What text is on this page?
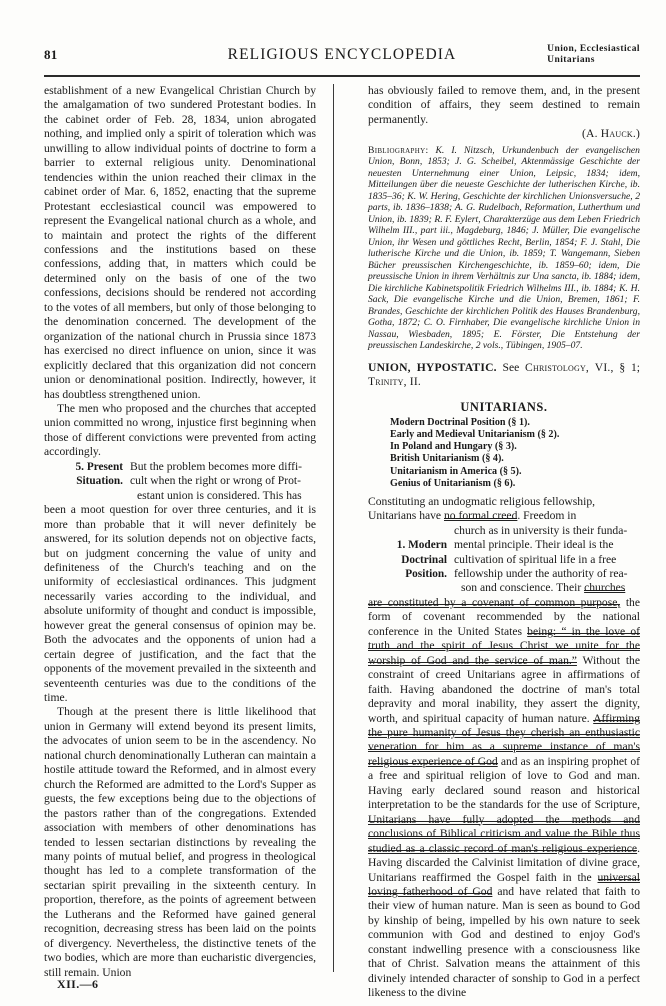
81	RELIGIOUS ENCYCLOPEDIA	Union, Ecclesiastical
Unitarians

establishment of a new Evangelical Christian Church by the amalgamation of two sundered Protestant bodies. In the cabinet order of Feb. 28, 1834, union abrogated nothing, and implied only a spirit of toleration which was unwilling to allow individual points of doctrine to form a barrier to external religious unity. Denominational tendencies within the union reached their climax in the cabinet order of Mar. 6, 1852, enacting that the supreme Protestant ecclesiastical council was empowered to represent the Evangelical national church as a whole, and to maintain and protect the rights of the different confessions and the institutions based on these confessions, adding that, in matters which could be determined only on the basis of one of the two confessions, decisions should be rendered not according to the votes of all members, but only of those belonging to the denomination concerned. The development of the organization of the national church in Prussia since 1873 has exercised no direct influence on union, since it was explicitly declared that this organization did not concern union or denominational position. Indirectly, however, it has doubtless strengthened union.

The men who proposed and the churches that accepted union committed no wrong, injustice first beginning when those of different convictions were prevented from acting accordingly.

5. Present
Situation.

But the problem becomes more diffi-

cult when the right or wrong of Prot-

estant union is considered. This has

been a moot question for over three centuries, and it is more than probable that it will never definitely be answered, for its solution depends not on objective facts, but on judgment concerning the value of unity and definiteness of the Church's teaching and on the uniformity of ecclesiastical ordinances. This judgment necessarily varies according to the individual, and absolute uniformity of thought and conduct is impossible, however great the general consensus of opinion may be. Both the advocates and the opponents of union had a certain degree of justification, and the fact that the opponents of the movement prevailed in the sixteenth and seventeenth centuries was due to the conditions of the time.

Though at the present there is little likelihood that union in Germany will extend beyond its present limits, the advocates of union seem to be in the ascendency. No national church denominationally Lutheran can maintain a hostile attitude toward the Reformed, and in almost every church the Reformed are admitted to the Lord's Supper as guests, the few exceptions being due to the objections of the pastors rather than of the congregations. Extended association with members of other denominations has tended to lessen sectarian distinctions by revealing the many points of mutual belief, and progress in theological thought has led to a complete transformation of the sectarian spirit prevailing in the sixteenth century. In proportion, therefore, as the points of agreement between the Lutherans and the Reformed have gained general recognition, decreasing stress has been laid on the points of divergency. Nevertheless, the distinctive tenets of the two bodies, which are more than eucharistic divergencies, still remain. Union

has obviously failed to remove them, and, in the present condition of affairs, they seem destined to remain permanently.

(A. Hauck.)

Bibliography: K. I. Nitzsch, Urkundenbuch der evangelischen Union, Bonn, 1853; J. G. Scheibel, Aktenmässige Geschichte der neuesten Unternehmung einer Union, Leipsic, 1834; idem, Mitteilungen über die neueste Geschichte der lutherischen Kirche, ib. 1835–36; K. W. Hering, Geschichte der kirchlichen Unionsversuche, 2 parts, ib. 1836–1838; A. G. Rudelbach, Reformation, Lutherthum und Union, ib. 1839; R. F. Eylert, Charakterzüge aus dem Leben Friedrich Wilhelm III., part iii., Magdeburg, 1846; J. Müller, Die evangelische Union, ihr Wesen und göttliches Recht, Berlin, 1854; F. J. Stahl, Die lutherische Kirche und die Union, ib. 1859; T. Wangemann, Sieben Bücher preussischen Kirchengeschichte, ib. 1859–60; idem, Die preussische Union in ihrem Verhältnis zur Una sancta, ib. 1884; idem, Die kirchliche Kabinetspolitik Friedrich Wilhelms III., ib. 1884; K. H. Sack, Die evangelische Kirche und die Union, Bremen, 1861; F. Brandes, Geschichte der kirchlichen Politik des Hauses Brandenburg, Gotha, 1872; C. O. Firnhaber, Die evangelische kirchliche Union in Nassau, Wiesbaden, 1895; E. Förster, Die Entstehung der preussischen Landeskirche, 2 vols., Tübingen, 1905–07.

UNION, HYPOSTATIC. See Christology, VI., § 1; Trinity, II.

UNITARIANS.
Modern Doctrinal Position (§ 1).
Early and Medieval Unitarianism (§ 2).
In Poland and Hungary (§ 3).
British Unitarianism (§ 4).
Unitarianism in America (§ 5).
Genius of Unitarianism (§ 6).

Constituting an undogmatic religious fellowship,

Unitarians have no formal creed. Freedom in

church as in university is their funda-

1. Modern
Doctrinal
Position.

mental principle. Their ideal is the

cultivation of spiritual life in a free

fellowship under the authority of rea-

son and conscience. Their churches

are constituted by a covenant of common purpose, the form of covenant recommended by the national conference in the United States being: “ in the love of truth and the spirit of Jesus Christ we unite for the worship of God and the service of man.” Without the constraint of creed Unitarians agree in affirmations of faith. Having abandoned the doctrine of man's total depravity and moral inability, they assert the dignity, worth, and spiritual capacity of human nature. Affirming the pure humanity of Jesus they cherish an enthusiastic veneration for him as a supreme instance of man's religious experience of God and as an inspiring prophet of a free and spiritual religion of love to God and man. Having early declared sound reason and historical interpretation to be the standards for the use of Scripture, Unitarians have fully adopted the methods and conclusions of Biblical criticism and value the Bible thus studied as a classic record of man's religious experience. Having discarded the Calvinist limitation of divine grace, Unitarians reaffirmed the Gospel faith in the universal loving fatherhood of God and have related that faith to their view of human nature. Man is seen as bound to God by kinship of being, impelled by his own nature to seek communion with God and destined to enjoy God's constant indwelling presence with a consciousness like that of Christ. Salvation means the attainment of this divinely intended character of sonship to God in a perfect likeness to the divine

XII.—6
